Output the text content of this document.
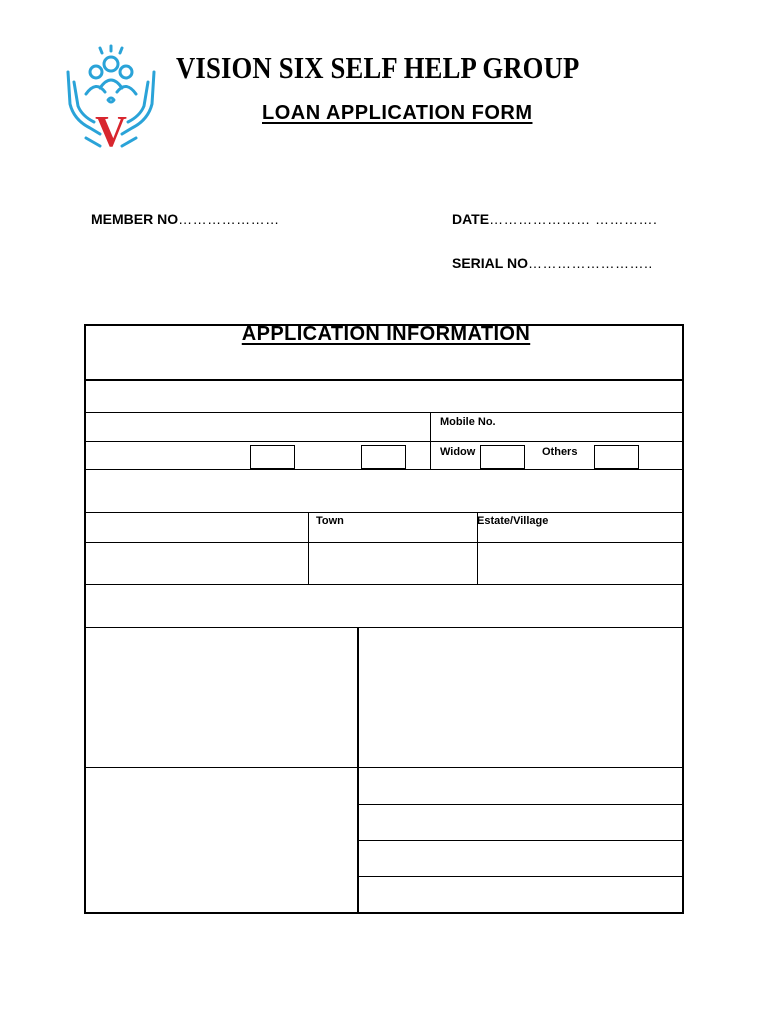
V
VISION SIX SELF HELP GROUP
LOAN APPLICATION FORM
MEMBER NO…………………	DATE………………… ………….
SERIAL NO……………………..
APPLICATION INFORMATION
Mobile No.
Widow	Others
Town	Estate/Village
